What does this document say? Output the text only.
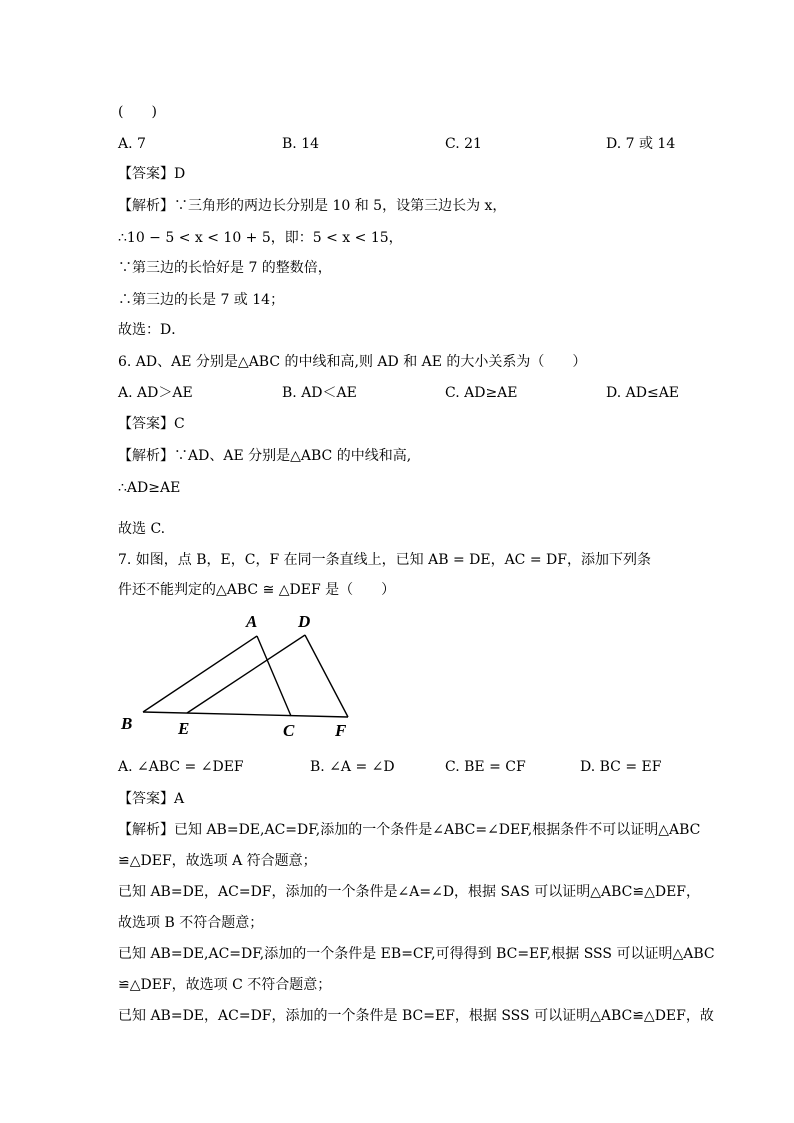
(　　)
A. 7	B. 14	C. 21	D. 7 或 14
【答案】D
【解析】∵三角形的两边长分别是 10 和 5，设第三边长为 x，
∴10 − 5 < x < 10 + 5，即：5 < x < 15，
∵第三边的长恰好是 7 的整数倍，
∴第三边的长是 7 或 14；
故选：D．
6. AD、AE 分别是△ABC 的中线和高,则 AD 和 AE 的大小关系为（　　）
A. AD＞AE	B. AD＜AE	C. AD≥AE	D. AD≤AE
【答案】C
【解析】∵AD、AE 分别是△ABC 的中线和高,
∴AD≥AE
故选 C.
7. 如图，点 B，E，C，F 在同一条直线上，已知 AB = DE，AC = DF，添加下列条
件还不能判定的△ABC ≅ △DEF 是（　　）
A D
B	E	C F
A. ∠ABC = ∠DEF	B. ∠A = ∠D	C. BE = CF	D. BC = EF
【答案】A
【解析】已知 AB=DE,AC=DF,添加的一个条件是∠ABC=∠DEF,根据条件不可以证明△ABC
≌△DEF，故选项 A 符合题意；
已知 AB=DE，AC=DF，添加的一个条件是∠A=∠D，根据 SAS 可以证明△ABC≌△DEF，
故选项 B 不符合题意；
已知 AB=DE,AC=DF,添加的一个条件是 EB=CF,可得得到 BC=EF,根据 SSS 可以证明△ABC
≌△DEF，故选项 C 不符合题意；
已知 AB=DE，AC=DF，添加的一个条件是 BC=EF，根据 SSS 可以证明△ABC≌△DEF，故
